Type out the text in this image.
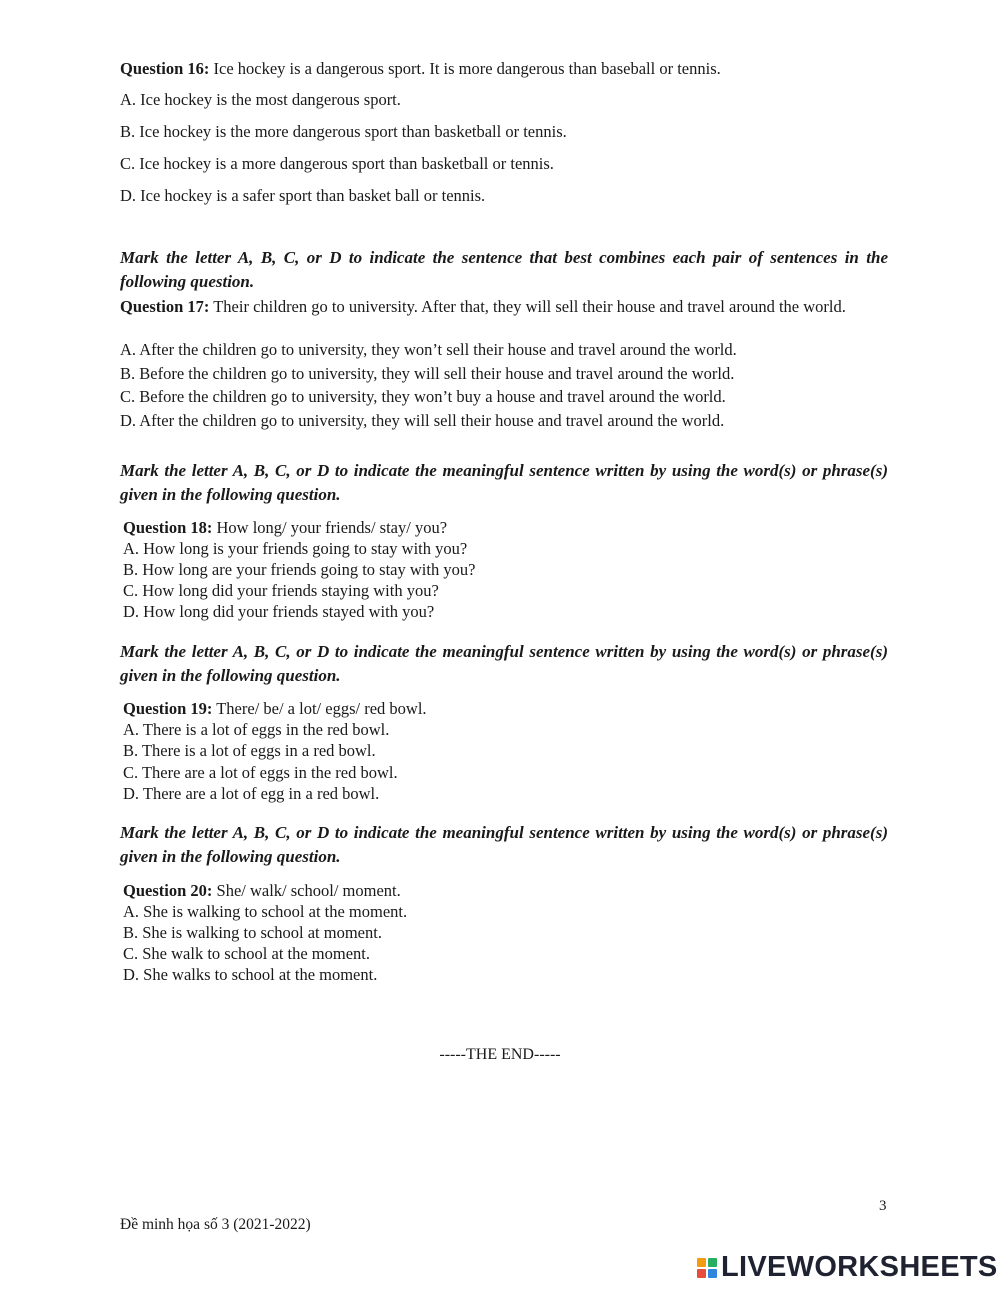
Question 16: Ice hockey is a dangerous sport. It is more dangerous than baseball or tennis.

A. Ice hockey is the most dangerous sport.

B. Ice hockey is the more dangerous sport than basketball or tennis.

C. Ice hockey is a more dangerous sport than basketball or tennis.

D. Ice hockey is a safer sport than basket ball or tennis.

Mark the letter A, B, C, or D to indicate the sentence that best combines each pair of sentences in the following question.

Question 17: Their children go to university. After that, they will sell their house and travel around the world.

A. After the children go to university, they won’t sell their house and travel around the world.

B. Before the children go to university, they will sell their house and travel around the world.

C. Before the children go to university, they won’t buy a house and travel around the world.

D. After the children go to university, they will sell their house and travel around the world.

Mark the letter A, B, C, or D to indicate the meaningful sentence written by using the word(s) or phrase(s) given in the following question.

Question 18: How long/ your friends/ stay/ you?

A. How long is your friends going to stay with you?

B. How long are your friends going to stay with you?

C. How long did your friends staying with you?

D. How long did your friends stayed with you?

Mark the letter A, B, C, or D to indicate the meaningful sentence written by using the word(s) or phrase(s) given in the following question.

Question 19: There/ be/ a lot/ eggs/ red bowl.

A. There is a lot of eggs in the red bowl.

B. There is a lot of eggs in a red bowl.

C. There are a lot of eggs in the red bowl.

D. There are a lot of egg in a red bowl.

Mark the letter A, B, C, or D to indicate the meaningful sentence written by using the word(s) or phrase(s) given in the following question.

Question 20: She/ walk/ school/ moment.

A. She is walking to school at the moment.

B. She is walking to school at moment.

C. She walk to school at the moment.

D. She walks to school at the moment.

-----THE END-----

3

Đề minh họa số 3 (2021-2022)

LIVEWORKSHEETS
